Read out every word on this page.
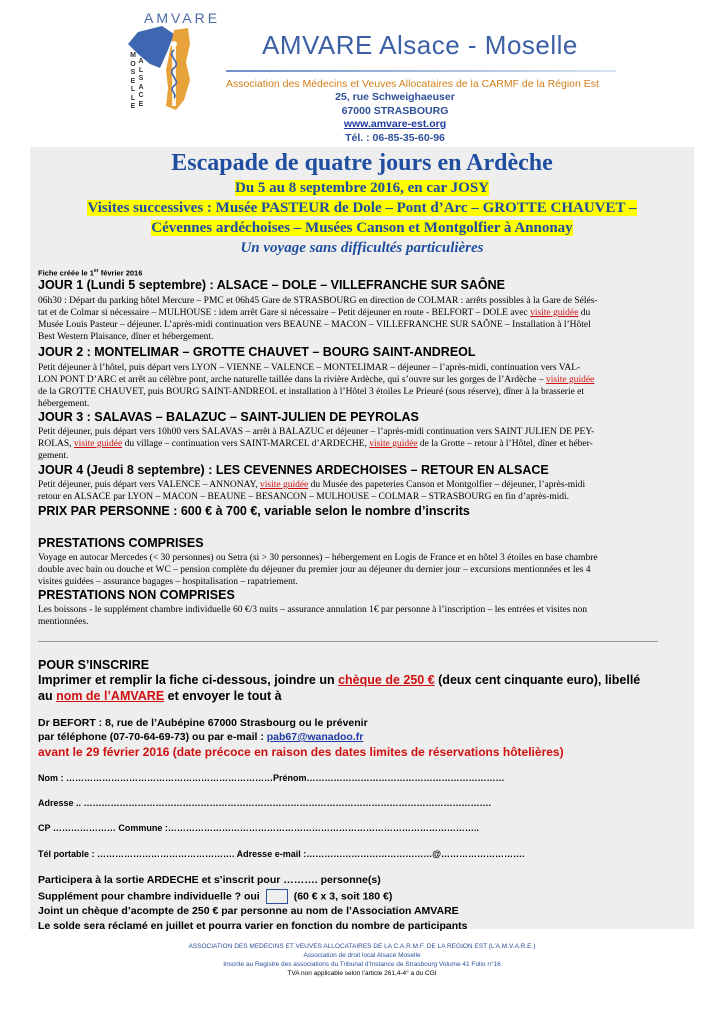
AMVARE
M
O
S
E
L
L
E
A
L
S
A
C
E
AMVARE Alsace - Moselle
Association des Médecins et Veuves Allocataires de la CARMF de la Région Est
25, rue Schweighaeuser
67000 STRASBOURG
www.amvare-est.org
Tél. : 06-85-35-60-96
Escapade de quatre jours en Ardèche
Du 5 au 8 septembre 2016, en car JOSY
Visites successives : Musée PASTEUR de Dole – Pont d’Arc – GROTTE CHAUVET –
Cévennes ardéchoises – Musées Canson et Montgolfier à Annonay
Un voyage sans difficultés particulières
Fiche créée le 1er février 2016
JOUR 1 (Lundi 5 septembre) : ALSACE – DOLE – VILLEFRANCHE SUR SAÔNE
06h30 : Départ du parking hôtel Mercure – PMC et 06h45 Gare de STRASBOURG en direction de COLMAR : arrêts possibles à la Gare de Sélés-
tat et de Colmar si nécessaire – MULHOUSE : idem arrêt Gare si nécessaire – Petit déjeuner en route - BELFORT – DOLE avec visite guidée du
Musée Louis Pasteur – déjeuner. L’après-midi continuation vers BEAUNE – MACON – VILLEFRANCHE SUR SAÔNE – Installation à l’Hôtel
Best Western Plaisance, dîner et hébergement.
JOUR 2 : MONTELIMAR – GROTTE CHAUVET – BOURG SAINT-ANDREOL
Petit déjeuner à l’hôtel, puis départ vers LYON – VIENNE – VALENCE – MONTELIMAR – déjeuner – l’après-midi, continuation vers VAL-
LON PONT D’ARC et arrêt au célèbre pont, arche naturelle taillée dans la rivière Ardèche, qui s’ouvre sur les gorges de l’Ardèche – visite guidée
de la GROTTE CHAUVET, puis BOURG SAINT-ANDREOL et installation à l’Hôtel 3 étoiles Le Prieuré (sous réserve), dîner à la brasserie et
hébergement.
JOUR 3 : SALAVAS – BALAZUC – SAINT-JULIEN DE PEYROLAS
Petit déjeuner, puis départ vers 10h00 vers SALAVAS – arrêt à BALAZUC et déjeuner – l’après-midi continuation vers SAINT JULIEN DE PEY-
ROLAS, visite guidée du village – continuation vers SAINT-MARCEL d’ARDECHE, visite guidée de la Grotte – retour à l’Hôtel, dîner et héber-
gement.
JOUR 4 (Jeudi 8 septembre) : LES CEVENNES ARDECHOISES – RETOUR EN ALSACE
Petit déjeuner, puis départ vers VALENCE – ANNONAY, visite guidée du Musée des papeteries Canson et Montgolfier – déjeuner, l’après-midi
retour en ALSACE par LYON – MACON – BEAUNE – BESANCON – MULHOUSE – COLMAR – STRASBOURG en fin d’après-midi.
PRIX PAR PERSONNE : 600 € à 700 €, variable selon le nombre d’inscrits
PRESTATIONS COMPRISES
Voyage en autocar Mercedes (< 30 personnes) ou Setra (si > 30 personnes) – hébergement en Logis de France et en hôtel 3 étoiles en base chambre
double avec bain ou douche et WC – pension complète du déjeuner du premier jour au déjeuner du dernier jour – excursions mentionnées et les 4
visites guidées – assurance bagages – hospitalisation – rapatriement.
PRESTATIONS NON COMPRISES
Les boissons - le supplément chambre individuelle 60 €/3 nuits – assurance annulation 1€ par personne à l’inscription – les entrées et visites non
mentionnées.
POUR S’INSCRIRE
Imprimer et remplir la fiche ci-dessous, joindre un chèque de 250 € (deux cent cinquante euro), libellé
au nom de l’AMVARE et envoyer le tout à
Dr BEFORT : 8, rue de l’Aubépine 67000 Strasbourg ou le prévenir
par téléphone (07-70-64-69-73) ou par e-mail : pab67@wanadoo.fr
avant le 29 février 2016 (date précoce en raison des dates limites de réservations hôtelières)
Nom : ……………………………………………………………Prénom…………………………………………………………
Adresse .. ……………………………………………………………………………………………………………………….
CP ………………… Commune :…………………………………………………………………………………………..
Tél portable : ………………………………………. Adresse e-mail :……………………………………@……………………….
Participera à la sortie ARDECHE et s’inscrit pour ………. personne(s)
Supplément pour chambre individuelle ? oui	(60 € x 3, soit 180 €)
Joint un chèque d’acompte de 250 € par personne au nom de l’Association AMVARE
Le solde sera réclamé en juillet et pourra varier en fonction du nombre de participants
ASSOCIATION DES MEDECINS ET VEUVES ALLOCATAIRES DE LA C.A.R.M.F. DE LA REGION EST (L’A.M.V.A.R.E.)
Association de droit local Alsace Moselle
Inscrite au Registre des associations du Tribunal d’Instance de Strasbourg Volume 41 Folio n°16
TVA non applicable selon l’article 261,4-4° a du CGI
